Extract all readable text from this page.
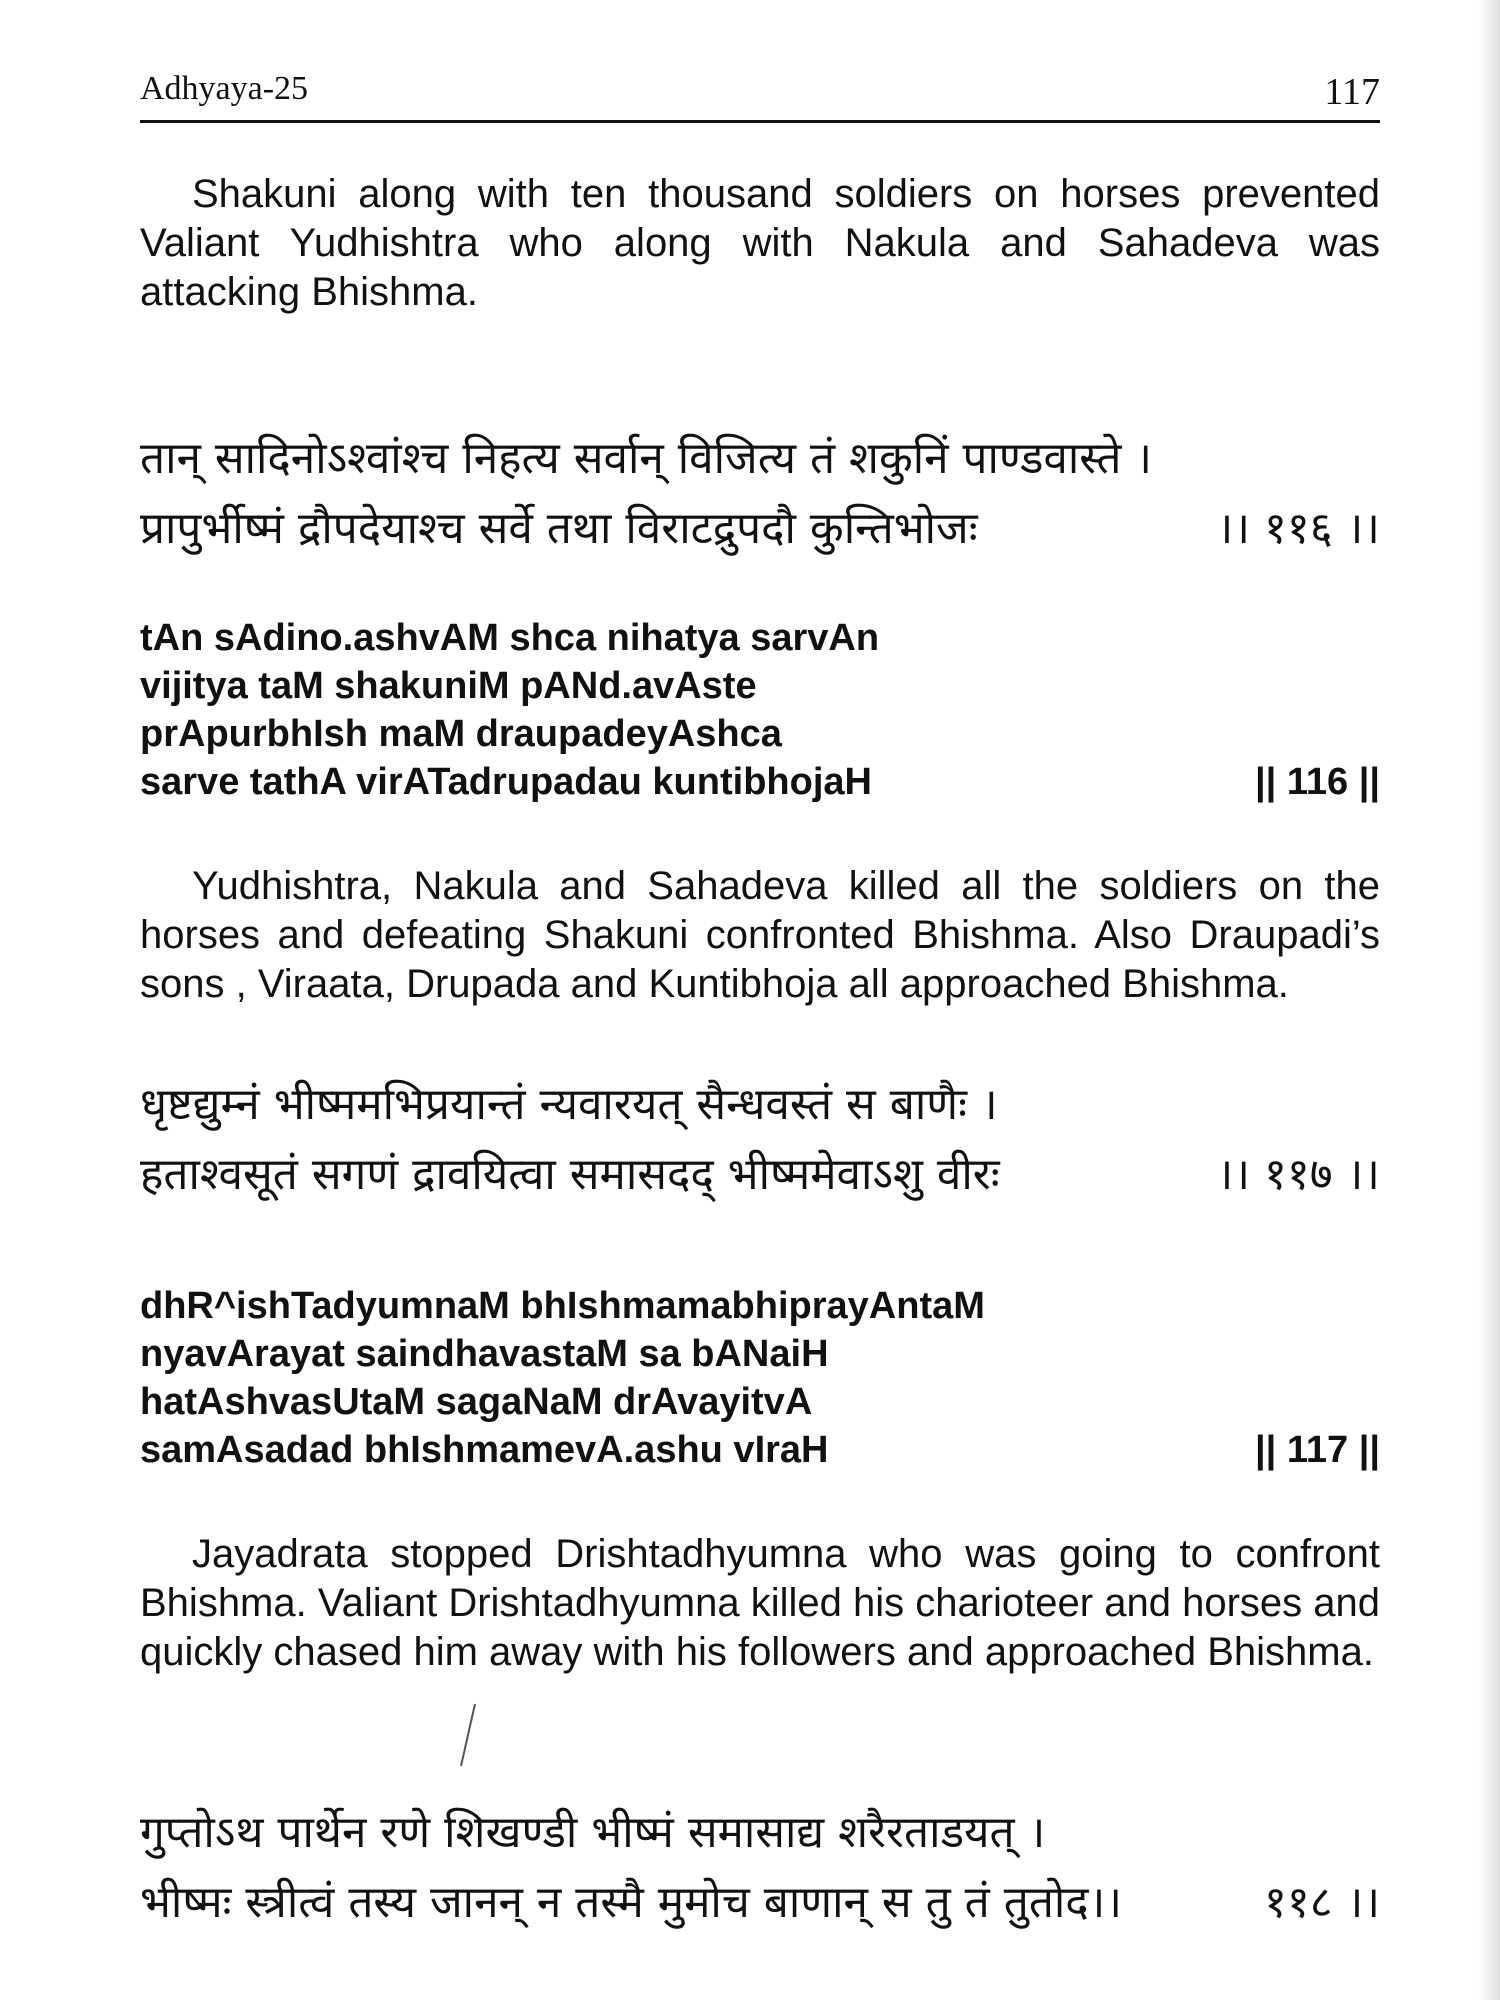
Adhyaya-25	117

Shakuni along with ten thousand soldiers on horses prevented Valiant Yudhishtra who along with Nakula and Sahadeva was attacking Bhishma.

तान् सादिनोऽश्वांश्च निहत्य सर्वान् विजित्य तं शकुनिं पाण्डवास्ते ।
प्रापुर्भीष्मं द्रौपदेयाश्च सर्वे तथा विराटद्रुपदौ कुन्तिभोजः	।। ११६ ।।
tAn sAdino.ashvAM shca nihatya sarvAn
vijitya taM shakuniM pANd.avAste
prApurbhIsh maM draupadeyAshca
sarve tathA virATadrupadau kuntibhojaH	|| 116 ||

Yudhishtra, Nakula and Sahadeva killed all the soldiers on the horses and defeating Shakuni confronted Bhishma. Also Draupadi’s sons , Viraata, Drupada and Kuntibhoja all approached Bhishma.

धृष्टद्युम्नं भीष्ममभिप्रयान्तं न्यवारयत् सैन्धवस्तं स बाणैः ।
हताश्वसूतं सगणं द्रावयित्वा समासदद् भीष्ममेवाऽशु वीरः	।। ११७ ।।
dhR^ishTadyumnaM bhIshmamabhiprayAntaM
nyavArayat saindhavastaM sa bANaiH
hatAshvasUtaM sagaNaM drAvayitvA
samAsadad bhIshmamevA.ashu vIraH	|| 117 ||

Jayadrata stopped Drishtadhyumna who was going to confront Bhishma. Valiant Drishtadhyumna killed his charioteer and horses and quickly chased him away with his followers and approached Bhishma.

गुप्तोऽथ पार्थेन रणे शिखण्डी भीष्मं समासाद्य शरैरताडयत् ।
भीष्मः स्त्रीत्वं तस्य जानन् न तस्मै मुमोच बाणान् स तु तं तुतोद।।	११८ ।।
